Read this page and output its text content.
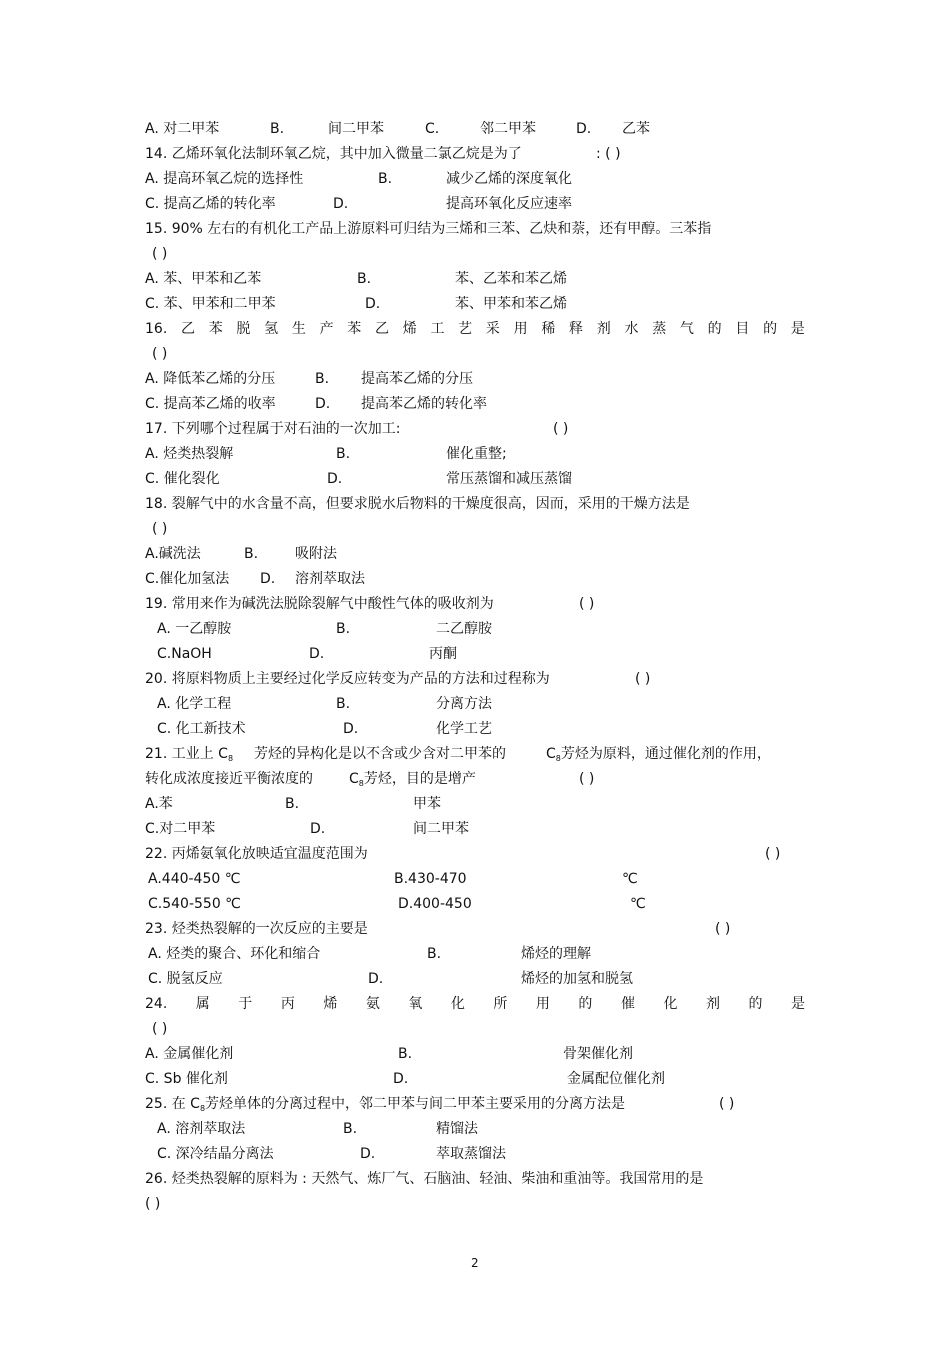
A. 对二甲苯	B.	间二甲苯	C.	邻二甲苯	D. 乙苯
14. 乙烯环氧化法制环氧乙烷，其中加入微量二氯乙烷是为了	: ( )
A. 提高环氧乙烷的选择性	B.	减少乙烯的深度氧化
C. 提高乙烯的转化率	D.	提高环氧化反应速率
15. 90% 左右的有机化工产品上游原料可归结为三烯和三苯、乙炔和萘，还有甲醇。三苯指
( )
A. 苯、甲苯和乙苯	B.	苯、乙苯和苯乙烯
C. 苯、甲苯和二甲苯	D.	苯、甲苯和苯乙烯
16. 乙 苯 脱 氢 生 产 苯 乙 烯 工 艺 采 用 稀 释 剂 水 蒸 气 的 目 的 是
( )
A. 降低苯乙烯的分压	B. 提高苯乙烯的分压
C. 提高苯乙烯的收率	D. 提高苯乙烯的转化率
17. 下列哪个过程属于对石油的一次加工:	( )
A. 烃类热裂解	B.	催化重整;
C. 催化裂化	D.	常压蒸馏和减压蒸馏
18. 裂解气中的水含量不高，但要求脱水后物料的干燥度很高，因而，采用的干燥方法是
( )
A.碱洗法	B.	吸附法
C.催化加氢法 D. 溶剂萃取法
19. 常用来作为碱洗法脱除裂解气中酸性气体的吸收剂为	( )
A. 一乙醇胺	B.	二乙醇胺
C.NaOH	D.	丙酮
20. 将原料物质上主要经过化学反应转变为产品的方法和过程称为	( )
A. 化学工程	B.	分离方法
C. 化工新技术	D.	化学工艺
21. 工业上 $C_8$ 芳烃的异构化是以不含或少含对二甲苯的	$C_8$芳烃为原料，通过催化剂的作用，
转化成浓度接近平衡浓度的	$C_8$芳烃，目的是增产	( )
A.苯	B.	甲苯
C.对二甲苯	D.	间二甲苯
22. 丙烯氨氧化放映适宜温度范围为	( )
A.440-450 ℃	B.430-470	℃
C.540-550 ℃	D.400-450	℃
23. 烃类热裂解的一次反应的主要是	( )
A. 烃类的聚合、环化和缩合	B.	烯烃的理解
C. 脱氢反应	D.	烯烃的加氢和脱氢
24. 属 于 丙 烯 氨 氧 化 所 用 的 催 化 剂 的 是
( )
A. 金属催化剂	B.	骨架催化剂
C. Sb 催化剂	D.	金属配位催化剂
25. 在 $C_8$芳烃单体的分离过程中，邻二甲苯与间二甲苯主要采用的分离方法是	( )
A. 溶剂萃取法	B.	精馏法
C. 深冷结晶分离法	D.	萃取蒸馏法
26. 烃类热裂解的原料为 : 天然气、炼厂气、石脑油、轻油、柴油和重油等。我国常用的是
( )
2
